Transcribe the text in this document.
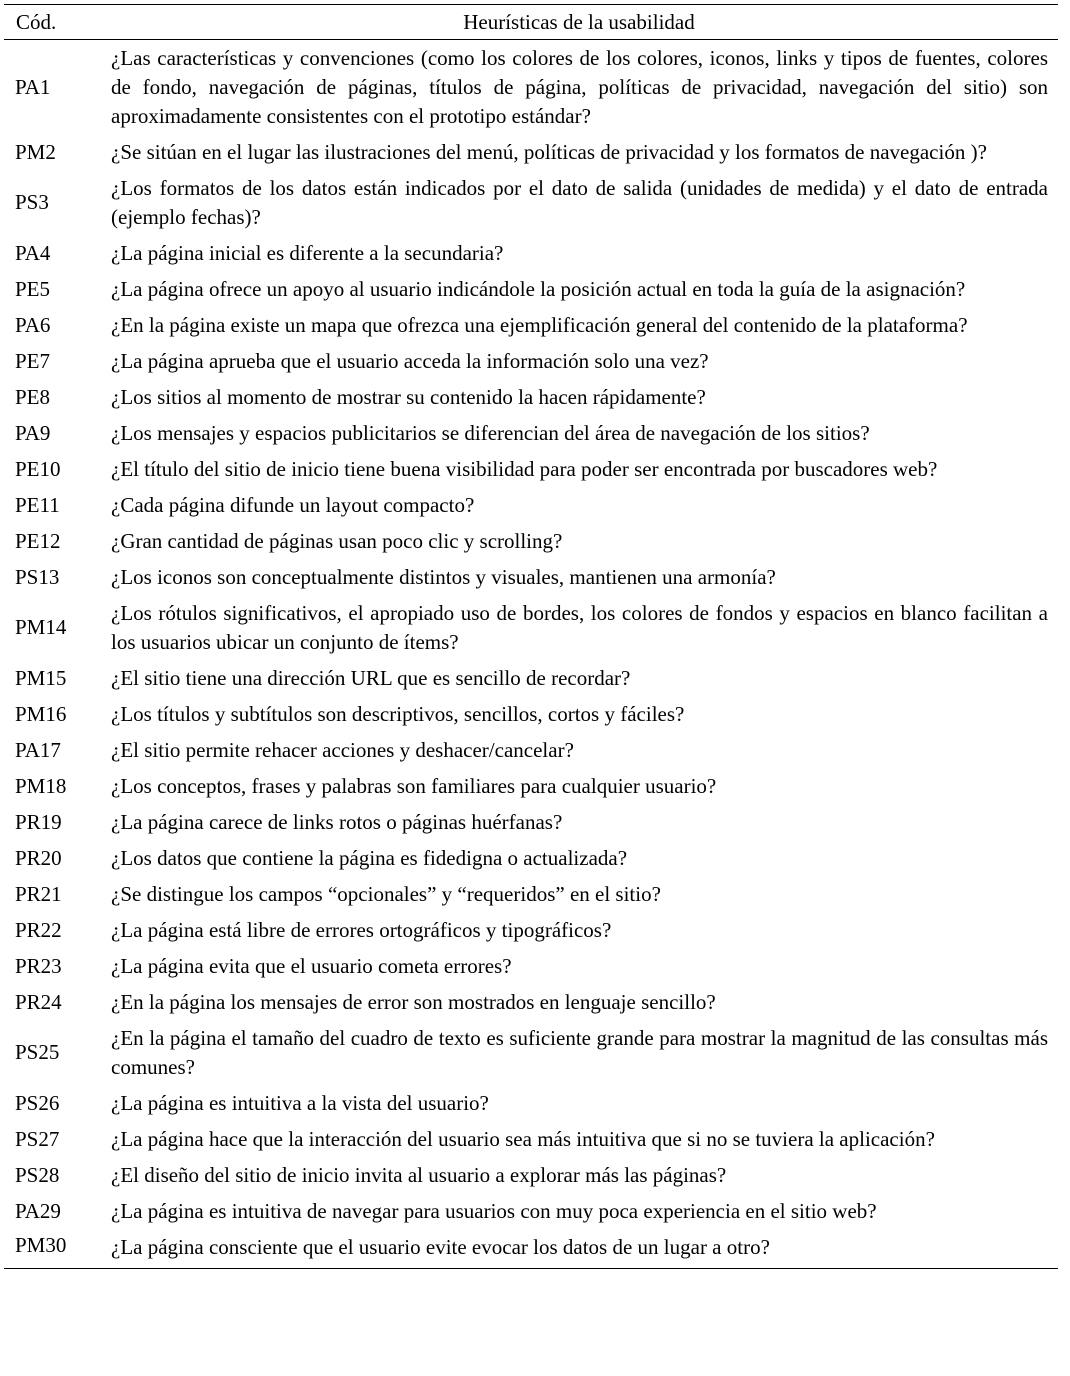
Cód.	Heurísticas de la usabilidad
PA1	¿Las características y convenciones (como los colores de los colores, iconos, links y tipos de fuentes, colores de fondo, navegación de páginas, títulos de página, políticas de privacidad, navegación del sitio) son aproximadamente consistentes con el prototipo estándar?
PM2	¿Se sitúan en el lugar las ilustraciones del menú, políticas de privacidad y los formatos de navegación )?
PS3	¿Los formatos de los datos están indicados por el dato de salida (unidades de medida) y el dato de entrada (ejemplo fechas)?
PA4	¿La página inicial es diferente a la secundaria?
PE5	¿La página ofrece un apoyo al usuario indicándole la posición actual en toda la guía de la asignación?
PA6	¿En la página existe un mapa que ofrezca una ejemplificación general del contenido de la plataforma?
PE7	¿La página aprueba que el usuario acceda la información solo una vez?
PE8	¿Los sitios al momento de mostrar su contenido la hacen rápidamente?
PA9	¿Los mensajes y espacios publicitarios se diferencian del área de navegación de los sitios?
PE10	¿El título del sitio de inicio tiene buena visibilidad para poder ser encontrada por buscadores web?
PE11	¿Cada página difunde un layout compacto?
PE12	¿Gran cantidad de páginas usan poco clic y scrolling?
PS13	¿Los iconos son conceptualmente distintos y visuales, mantienen una armonía?
PM14	¿Los rótulos significativos, el apropiado uso de bordes, los colores de fondos y espacios en blanco facilitan a los usuarios ubicar un conjunto de ítems?
PM15	¿El sitio tiene una dirección URL que es sencillo de recordar?
PM16	¿Los títulos y subtítulos son descriptivos, sencillos, cortos y fáciles?
PA17	¿El sitio permite rehacer acciones y deshacer/cancelar?
PM18	¿Los conceptos, frases y palabras son familiares para cualquier usuario?
PR19	¿La página carece de links rotos o páginas huérfanas?
PR20	¿Los datos que contiene la página es fidedigna o actualizada?
PR21	¿Se distingue los campos “opcionales” y “requeridos” en el sitio?
PR22	¿La página está libre de errores ortográficos y tipográficos?
PR23	¿La página evita que el usuario cometa errores?
PR24	¿En la página los mensajes de error son mostrados en lenguaje sencillo?
PS25	¿En la página el tamaño del cuadro de texto es suficiente grande para mostrar la magnitud de las consultas más comunes?
PS26	¿La página es intuitiva a la vista del usuario?
PS27	¿La página hace que la interacción del usuario sea más intuitiva que si no se tuviera la aplicación?
PS28	¿El diseño del sitio de inicio invita al usuario a explorar más las páginas?
PA29	¿La página es intuitiva de navegar para usuarios con muy poca experiencia en el sitio web?
PM30	¿La página consciente que el usuario evite evocar los datos de un lugar a otro?
